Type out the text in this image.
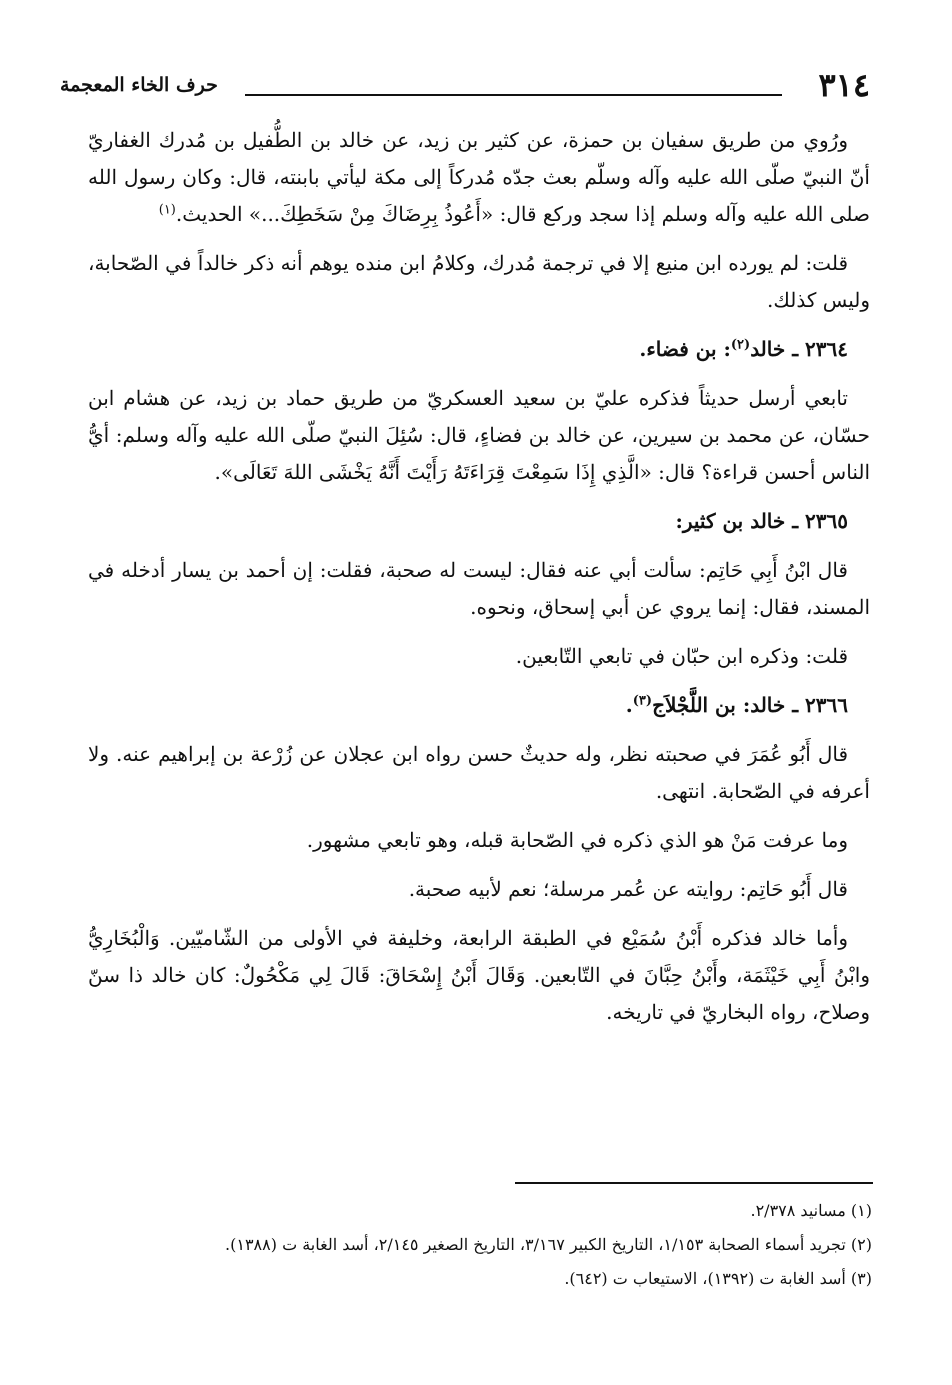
٣١٤
حرف الخاء المعجمة

ورُوي من طريق سفيان بن حمزة، عن كثير بن زيد، عن خالد بن الطُّفيل بن مُدرك الغفاريّ أنّ النبيّ صلّى الله عليه وآله وسلّم بعث جدّه مُدركاً إلى مكة ليأتي بابنته، قال: وكان رسول الله صلى الله عليه وآله وسلم إذا سجد وركع قال: «أَعُوذُ بِرِضَاكَ مِنْ سَخَطِكَ...» الحديث.$^{(١)}$

قلت: لم يورده ابن منيع إلا في ترجمة مُدرك، وكلامُ ابن منده يوهم أنه ذكر خالداً في الصّحابة، وليس كذلك.

٢٣٦٤ ـ خالد$^{(٢)}$: بن فضاء.

تابعي أرسل حديثاً فذكره عليّ بن سعيد العسكريّ من طريق حماد بن زيد، عن هشام ابن حسّان، عن محمد بن سيرين، عن خالد بن فضاءٍ، قال: سُئِلَ النبيّ صلّى الله عليه وآله وسلم: أيُّ الناس أحسن قراءة؟ قال: «الَّذِي إِذَا سَمِعْتَ قِرَاءَتَهُ رَأَيْتَ أَنَّهُ يَخْشَى اللهَ تَعَالَى».

٢٣٦٥ ـ خالد بن كثير:

قال ابْنُ أَبِي حَاتِم: سألت أبي عنه فقال: ليست له صحبة، فقلت: إن أحمد بن يسار أدخله في المسند، فقال: إنما يروي عن أبي إسحاق، ونحوه.

قلت: وذكره ابن حبّان في تابعي التّابعين.

٢٣٦٦ ـ خالد: بن اللَّجْلاَج$^{(٣)}$.

قال أَبُو عُمَرَ في صحبته نظر، وله حديثٌ حسن رواه ابن عجلان عن زُرْعة بن إبراهيم عنه. ولا أعرفه في الصّحابة. انتهى.

وما عرفت مَنْ هو الذي ذكره في الصّحابة قبله، وهو تابعي مشهور.

قال أَبُو حَاتِم: روايته عن عُمر مرسلة؛ نعم لأبيه صحبة.

وأما خالد فذكره أَبْنُ سُمَيْع في الطبقة الرابعة، وخليفة في الأولى من الشّاميّين. وَالْبُخَارِيُّ وابْنُ أَبِي خَيْثَمَة، وأَبْنُ حِبَّانَ في التّابعين. وَقَالَ أَبْنُ إِسْحَاقَ: قَالَ لِي مَكْحُولٌ: كان خالد ذا سنّ وصلاح، رواه البخاريّ في تاريخه.

(١) مسانيد ٢/٣٧٨.

(٢) تجريد أسماء الصحابة ١/١٥٣، التاريخ الكبير ٣/١٦٧، التاريخ الصغير ٢/١٤٥، أسد الغابة ت (١٣٨٨).

(٣) أسد الغابة ت (١٣٩٢)، الاستيعاب ت (٦٤٢).
